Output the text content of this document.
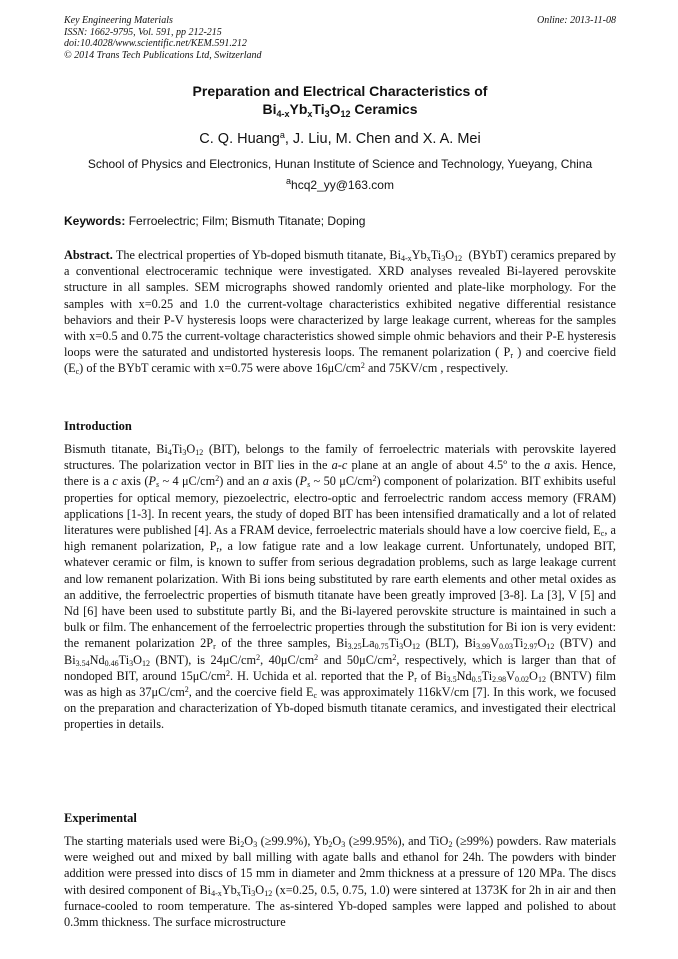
Key Engineering Materials
ISSN: 1662-9795, Vol. 591, pp 212-215
doi:10.4028/www.scientific.net/KEM.591.212
© 2014 Trans Tech Publications Ltd, Switzerland
Online: 2013-11-08
Preparation and Electrical Characteristics of
$Bi_{4-x}Yb_xTi_3O_{12}$ Ceramics
C. Q. Huang$^a$, J. Liu, M. Chen and X. A. Mei
School of Physics and Electronics, Hunan Institute of Science and Technology, Yueyang, China
$^a$hcq2_yy@163.com
Keywords: Ferroelectric; Film; Bismuth Titanate; Doping
Abstract. The electrical properties of Yb-doped bismuth titanate, $Bi_{4-x}Yb_xTi_3O_{12}$  (BYbT) ceramics prepared by a conventional electroceramic technique were investigated. XRD analyses revealed Bi-layered perovskite structure in all samples. SEM micrographs showed randomly oriented and plate-like morphology. For the samples with x=0.25 and 1.0 the current-voltage characteristics exhibited negative differential resistance behaviors and their P-V hysteresis loops were characterized by large leakage current, whereas for the samples with x=0.5 and 0.75 the current-voltage characteristics showed simple ohmic behaviors and their P-E hysteresis loops were the saturated and undistorted hysteresis loops. The remanent polarization ( $P_r$ ) and coercive field $(E_c)$ of the BYbT ceramic with x=0.75 were above $16\mu C/cm^2$ and 75KV/cm , respectively.
Introduction
Bismuth titanate, $Bi_4Ti_3O_{12}$ (BIT), belongs to the family of ferroelectric materials with perovskite layered structures. The polarization vector in BIT lies in the a-c plane at an angle of about 4.5º to the a axis. Hence, there is a c axis ($P_s$ ~ 4 $\mu C/cm^2$) and an a axis ($P_s$ ~ 50 $\mu C/cm^2$) component of polarization. BIT exhibits useful properties for optical memory, piezoelectric, electro-optic and ferroelectric random access memory (FRAM) applications [1-3]. In recent years, the study of doped BIT has been intensified dramatically and a lot of related literatures were published [4]. As a FRAM device, ferroelectric materials should have a low coercive field, $E_c$, a high remanent polarization, $P_r$, a low fatigue rate and a low leakage current. Unfortunately, undoped BIT, whatever ceramic or film, is known to suffer from serious degradation problems, such as large leakage current and low remanent polarization. With Bi ions being substituted by rare earth elements and other metal oxides as an additive, the ferroelectric properties of bismuth titanate have been greatly improved [3-8]. La [3], V [5] and Nd [6] have been used to substitute partly Bi, and the Bi-layered perovskite structure is maintained in such a bulk or film. The enhancement of the ferroelectric properties through the substitution for Bi ion is very evident: the remanent polarization $2P_r$ of the three samples, $Bi_{3.25}La_{0.75}Ti_3O_{12}$ (BLT), $Bi_{3.99}V_{0.03}Ti_{2.97}O_{12}$ (BTV) and $Bi_{3.54}Nd_{0.46}Ti_3O_{12}$ (BNT), is $24\mu C/cm^2$, $40\mu C/cm^2$ and $50\mu C/cm^2$, respectively, which is larger than that of nondoped BIT, around $15\mu C/cm^2$. H. Uchida et al. reported that the $P_r$ of $Bi_{3.5}Nd_{0.5}Ti_{2.98}V_{0.02}O_{12}$ (BNTV) film was as high as $37\mu C/cm^2$, and the coercive field $E_c$ was approximately 116kV/cm [7]. In this work, we focused on the preparation and characterization of Yb-doped bismuth titanate ceramics, and investigated their electrical properties in details.
Experimental
The starting materials used were $Bi_2O_3$ (≥99.9%), $Yb_2O_3$ (≥99.95%), and TiO$_2$ (≥99%) powders. Raw materials were weighed out and mixed by ball milling with agate balls and ethanol for 24h. The powders with binder addition were pressed into discs of 15 mm in diameter and 2mm thickness at a pressure of 120 MPa. The discs with desired component of $Bi_{4-x}Yb_xTi_3O_{12}$ (x=0.25, 0.5, 0.75, 1.0) were sintered at 1373K for 2h in air and then furnace-cooled to room temperature. The as-sintered Yb-doped samples were lapped and polished to about 0.3mm thickness. The surface microstructure
